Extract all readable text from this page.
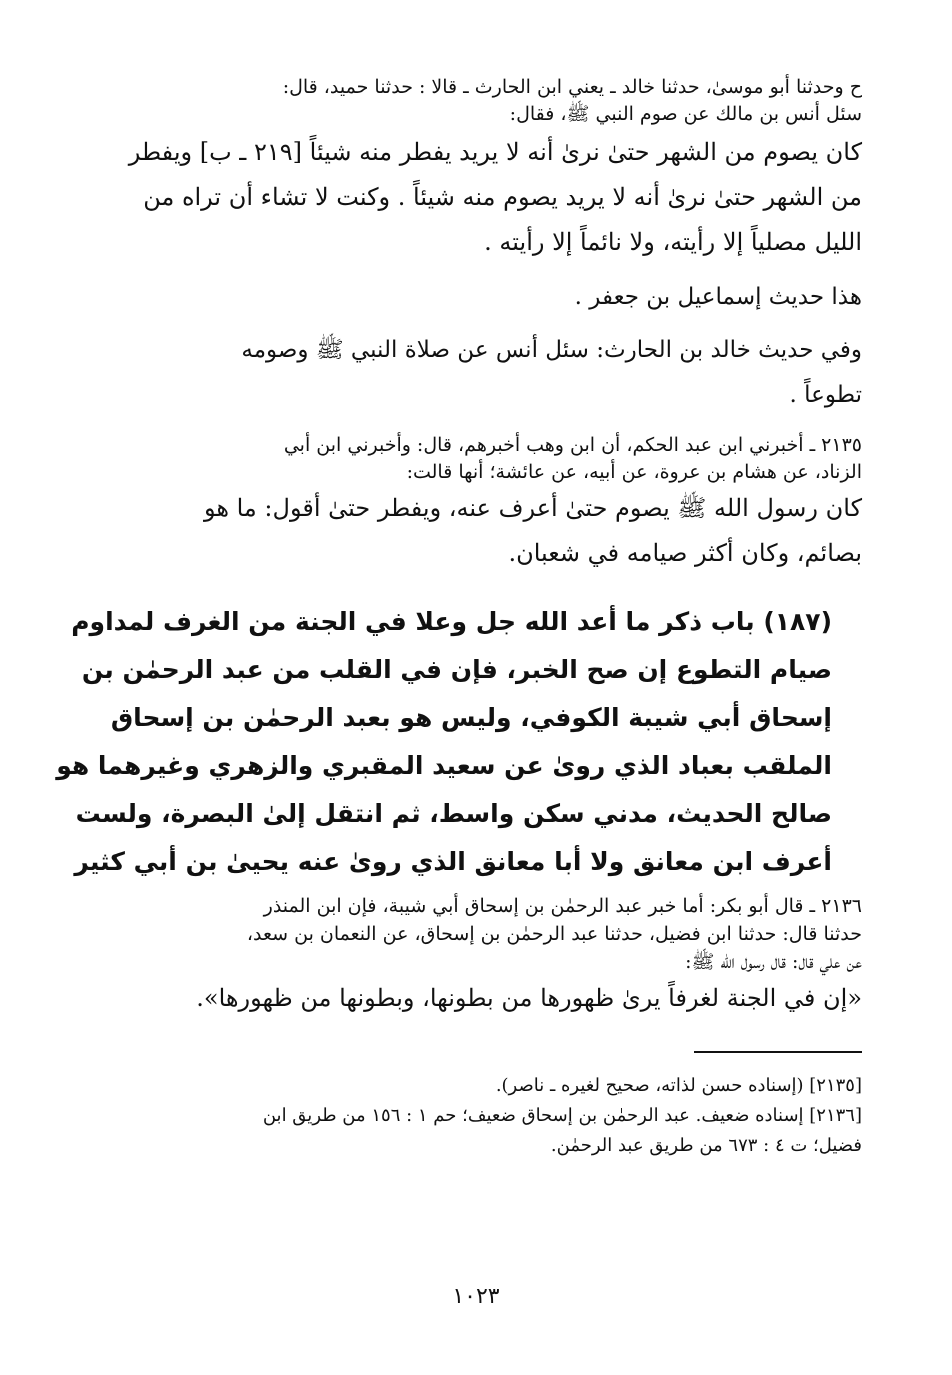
ح وحدثنا أبو موسىٰ، حدثنا خالد ـ يعني ابن الحارث ـ قالا : حدثنا حميد، قال:
سئل أنس بن مالك عن صوم النبي ﷺ، فقال:
كان يصوم من الشهر حتىٰ نرىٰ أنه لا يريد يفطر منه شيئاً [٢١٩ ـ ب] ويفطر
من الشهر حتىٰ نرىٰ أنه لا يريد يصوم منه شيئاً . وكنت لا تشاء أن تراه من
الليل مصلياً إلا رأيته، ولا نائماً إلا رأيته .
هذا حديث إسماعيل بن جعفر .
وفي حديث خالد بن الحارث: سئل أنس عن صلاة النبي ﷺ وصومه
تطوعاً .
٢١٣٥ ـ أخبرني ابن عبد الحكم، أن ابن وهب أخبرهم، قال: وأخبرني ابن أبي
الزناد، عن هشام بن عروة، عن أبيه، عن عائشة؛ أنها قالت:
كان رسول الله ﷺ يصوم حتىٰ أعرف عنه، ويفطر حتىٰ أقول: ما هو
بصائم، وكان أكثر صيامه في شعبان.
(١٨٧) باب ذكر ما أعد الله جل وعلا في الجنة من الغرف لمداوم
صيام التطوع إن صح الخبر، فإن في القلب من عبد الرحمٰن بن
إسحاق أبي شيبة الكوفي، وليس هو بعبد الرحمٰن بن إسحاق
الملقب بعباد الذي روىٰ عن سعيد المقبري والزهري وغيرهما هو
صالح الحديث، مدني سكن واسط، ثم انتقل إلىٰ البصرة، ولست
أعرف ابن معانق ولا أبا معانق الذي روىٰ عنه يحيىٰ بن أبي كثير
٢١٣٦ ـ قال أبو بكر: أما خبر عبد الرحمٰن بن إسحاق أبي شيبة، فإن ابن المنذر
حدثنا قال: حدثنا ابن فضيل، حدثنا عبد الرحمٰن بن إسحاق، عن النعمان بن سعد،
عن علي قال: قال رسول الله ﷺ:
«إن في الجنة لغرفاً يرىٰ ظهورها من بطونها، وبطونها من ظهورها».
[٢١٣٥] (إسناده حسن لذاته، صحيح لغيره ـ ناصر).
[٢١٣٦] إسناده ضعيف. عبد الرحمٰن بن إسحاق ضعيف؛ حم ١ : ١٥٦ من طريق ابن
فضيل؛ ت ٤ : ٦٧٣ من طريق عبد الرحمٰن.
١٠٢٣
